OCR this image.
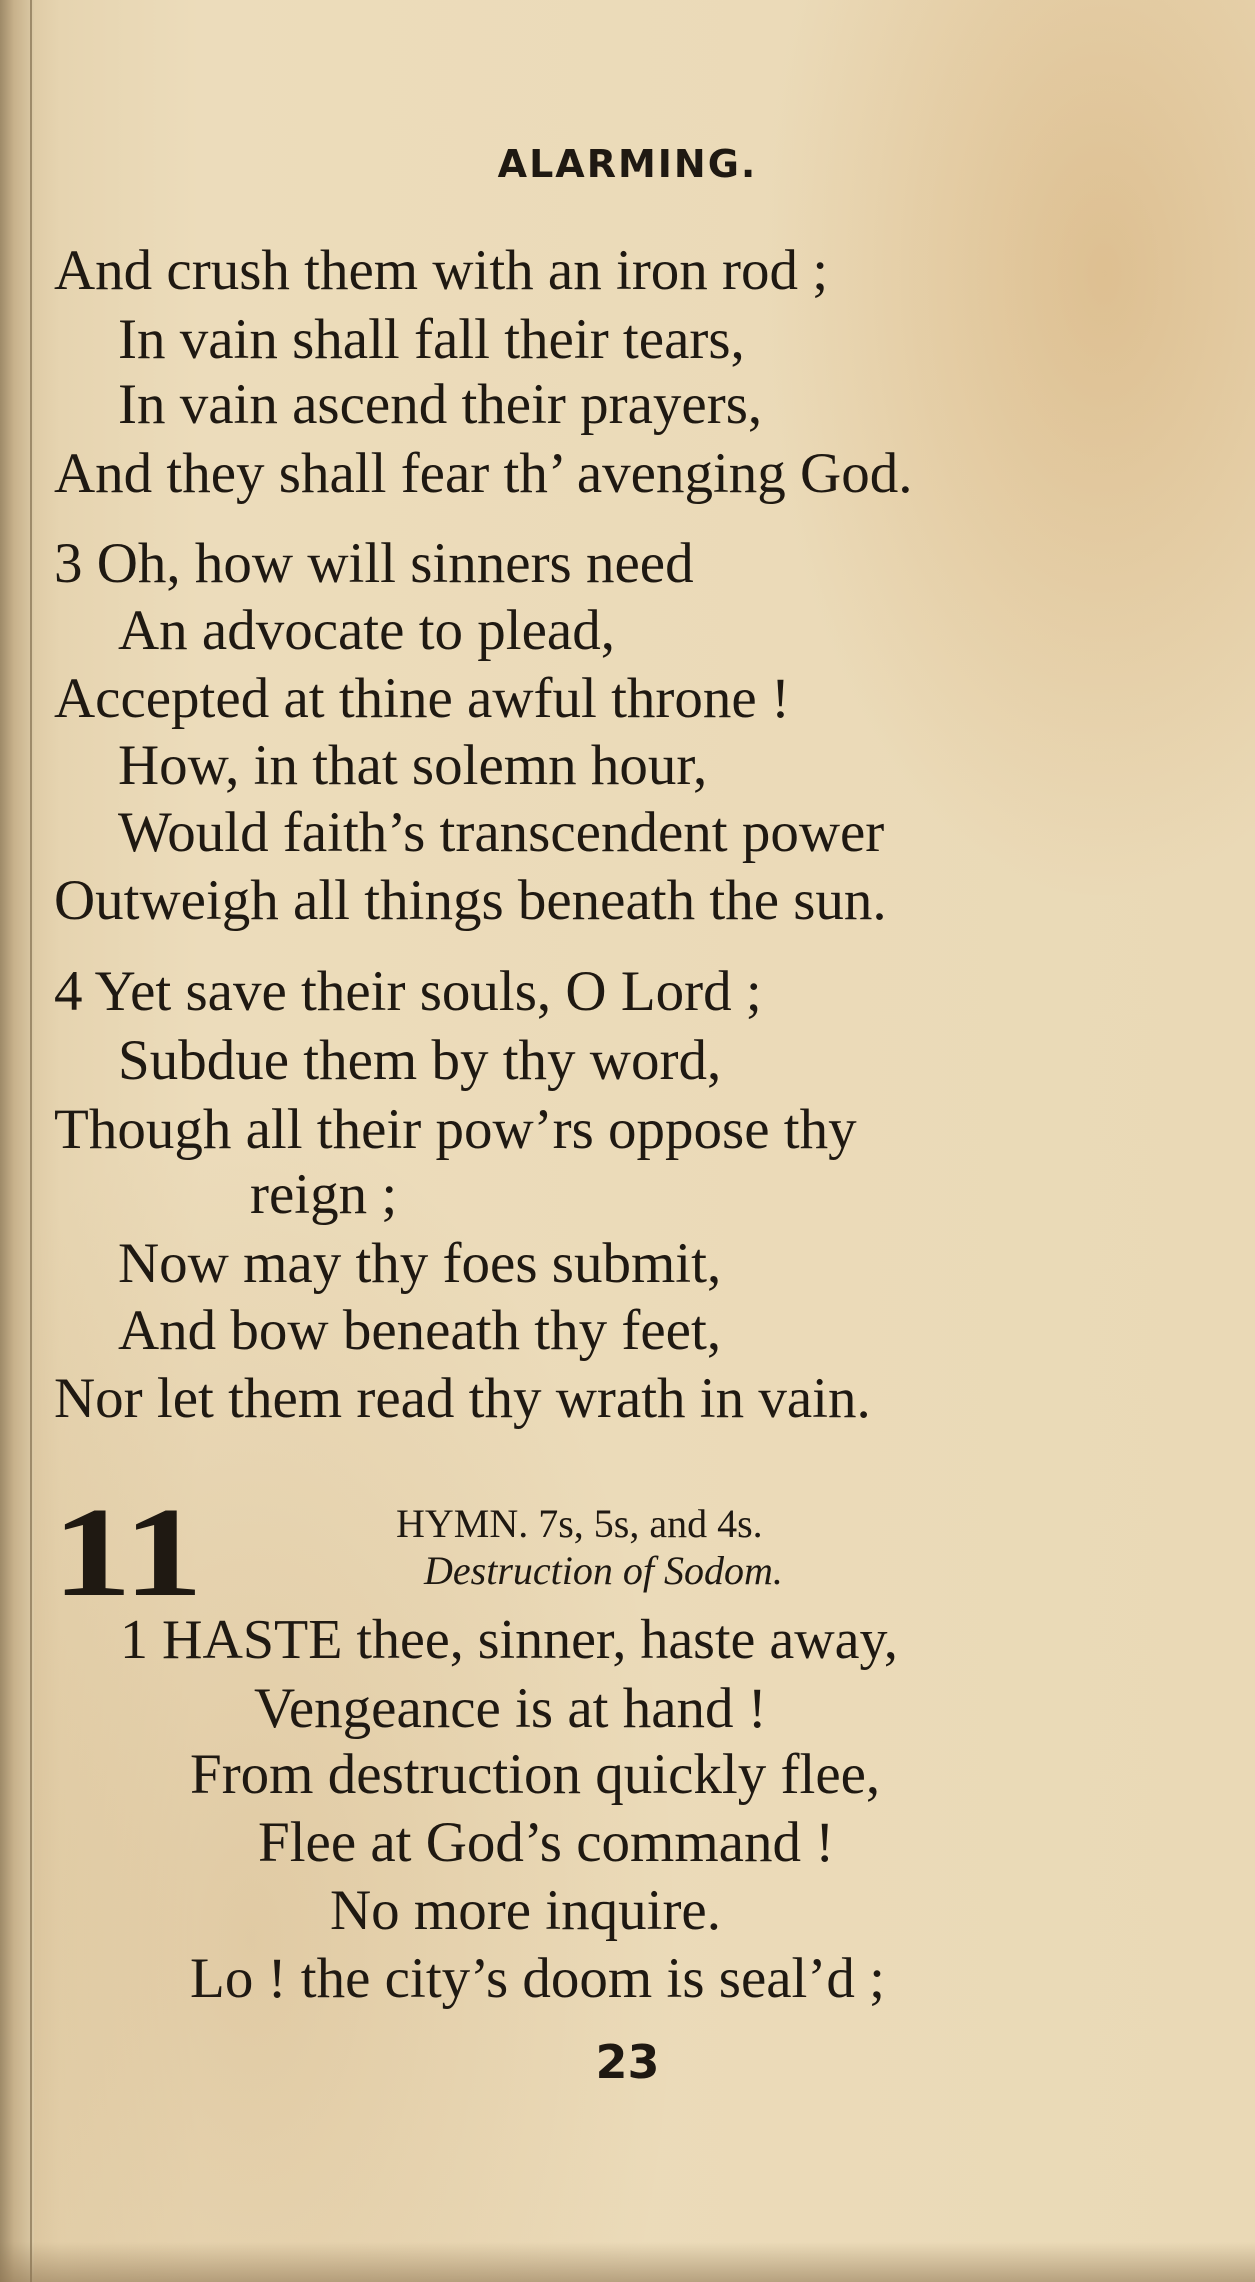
ALARMING.
And crush them with an iron rod ;
In vain shall fall their tears,
In vain ascend their prayers,
And they shall fear th’ avenging God.
3 Oh, how will sinners need
An advocate to plead,
Accepted at thine awful throne !
How, in that solemn hour,
Would faith’s transcendent power
Outweigh all things beneath the sun.
4 Yet save their souls, O Lord ;
Subdue them by thy word,
Though all their pow’rs oppose thy
reign ;
Now may thy foes submit,
And bow beneath thy feet,
Nor let them read thy wrath in vain.
11	HYMN. 7s, 5s, and 4s.
Destruction of Sodom.
1 HASTE thee, sinner, haste away,
Vengeance is at hand !
From destruction quickly flee,
Flee at God’s command !
No more inquire.
Lo ! the city’s doom is seal’d ;
23
